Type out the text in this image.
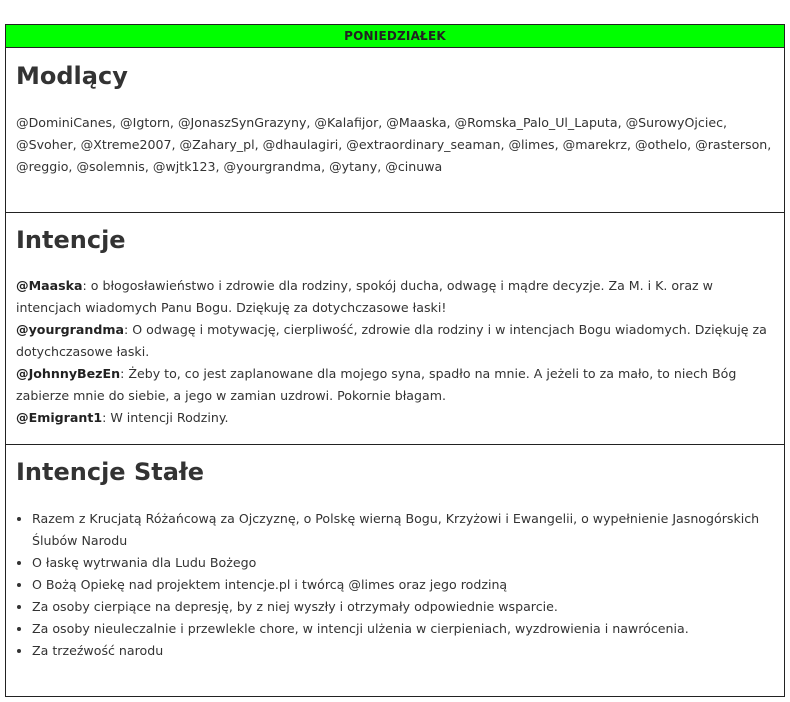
PONIEDZIAŁEK
Modlący
@DominiCanes, @Igtorn, @JonaszSynGrazyny, @Kalafijor, @Maaska, @Romska_Palo_Ul_Laputa, @SurowyOjciec, @Svoher, @Xtreme2007, @Zahary_pl, @dhaulagiri, @extraordinary_seaman, @limes, @marekrz, @othelo, @rasterson, @reggio, @solemnis, @wjtk123, @yourgrandma, @ytany, @cinuwa
Intencje
@Maaska: o błogosławieństwo i zdrowie dla rodziny, spokój ducha, odwagę i mądre decyzje. Za M. i K. oraz w intencjach wiadomych Panu Bogu. Dziękuję za dotychczasowe łaski!
@yourgrandma: O odwagę i motywację, cierpliwość, zdrowie dla rodziny i w intencjach Bogu wiadomych. Dziękuję za dotychczasowe łaski.
@JohnnyBezEn: Żeby to, co jest zaplanowane dla mojego syna, spadło na mnie. A jeżeli to za mało, to niech Bóg zabierze mnie do siebie, a jego w zamian uzdrowi. Pokornie błagam.
@Emigrant1: W intencji Rodziny.
Intencje Stałe
• Razem z Krucjatą Różańcową za Ojczyznę, o Polskę wierną Bogu, Krzyżowi i Ewangelii, o wypełnienie Jasnogórskich Ślubów Narodu
• O łaskę wytrwania dla Ludu Bożego
• O Bożą Opiekę nad projektem intencje.pl i twórcą @limes oraz jego rodziną
• Za osoby cierpiące na depresję, by z niej wyszły i otrzymały odpowiednie wsparcie.
• Za osoby nieuleczalnie i przewlekle chore, w intencji ulżenia w cierpieniach, wyzdrowienia i nawrócenia.
• Za trzeźwość narodu
